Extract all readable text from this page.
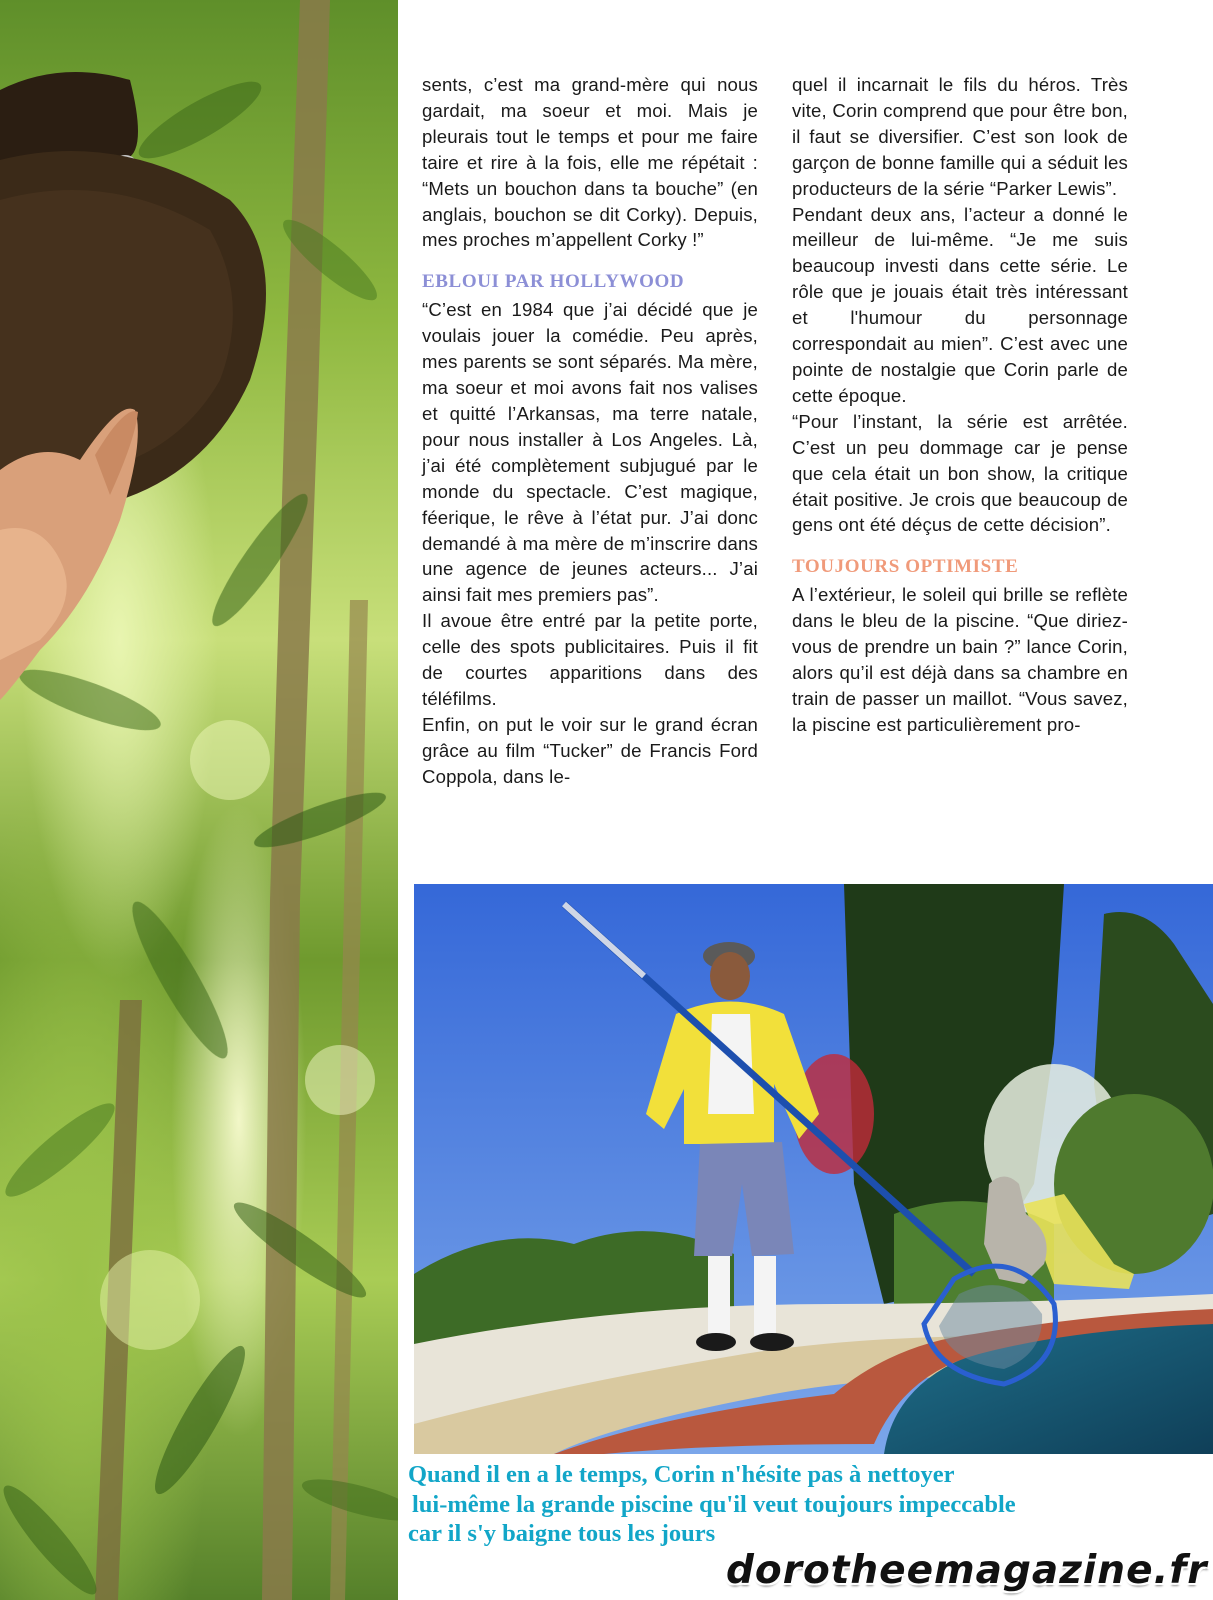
sents, c’est ma grand-mère qui nous gardait, ma soeur et moi. Mais je pleurais tout le temps et pour me faire taire et rire à la fois, elle me répétait : “Mets un bouchon dans ta bouche” (en anglais, bouchon se dit Corky). Depuis, mes proches m’appellent Corky !”

EBLOUI PAR HOLLYWOOD

“C’est en 1984 que j’ai décidé que je voulais jouer la comédie. Peu après, mes parents se sont séparés. Ma mère, ma soeur et moi avons fait nos valises et quitté l’Arkansas, ma terre natale, pour nous installer à Los Angeles. Là, j’ai été complètement subjugué par le monde du spectacle. C’est magique, féerique, le rêve à l’état pur. J’ai donc demandé à ma mère de m’inscrire dans une agence de jeunes acteurs... J’ai ainsi fait mes premiers pas”.

Il avoue être entré par la petite porte, celle des spots publicitaires. Puis il fit de courtes apparitions dans des téléfilms.

Enfin, on put le voir sur le grand écran grâce au film “Tucker” de Francis Ford Coppola, dans le-

quel il incarnait le fils du héros. Très vite, Corin comprend que pour être bon, il faut se diversifier. C’est son look de garçon de bonne famille qui a séduit les producteurs de la série “Parker Lewis”.

Pendant deux ans, l’acteur a donné le meilleur de lui-même. “Je me suis beaucoup investi dans cette série. Le rôle que je jouais était très intéressant et l'humour du personnage correspondait au mien”. C’est avec une pointe de nostalgie que Corin parle de cette époque.

“Pour l’instant, la série est arrêtée. C’est un peu dommage car je pense que cela était un bon show, la critique était positive. Je crois que beaucoup de gens ont été déçus de cette décision”.

TOUJOURS OPTIMISTE

A l’extérieur, le soleil qui brille se reflète dans le bleu de la piscine. “Que diriez-vous de prendre un bain ?” lance Corin, alors qu’il est déjà dans sa chambre en train de passer un maillot. “Vous savez, la piscine est particulièrement pro-

Quand il en a le temps, Corin n'hésite pas à nettoyer
lui-même la grande piscine qu'il veut toujours impeccable
car il s'y baigne tous les jours
dorotheemagazine.fr
